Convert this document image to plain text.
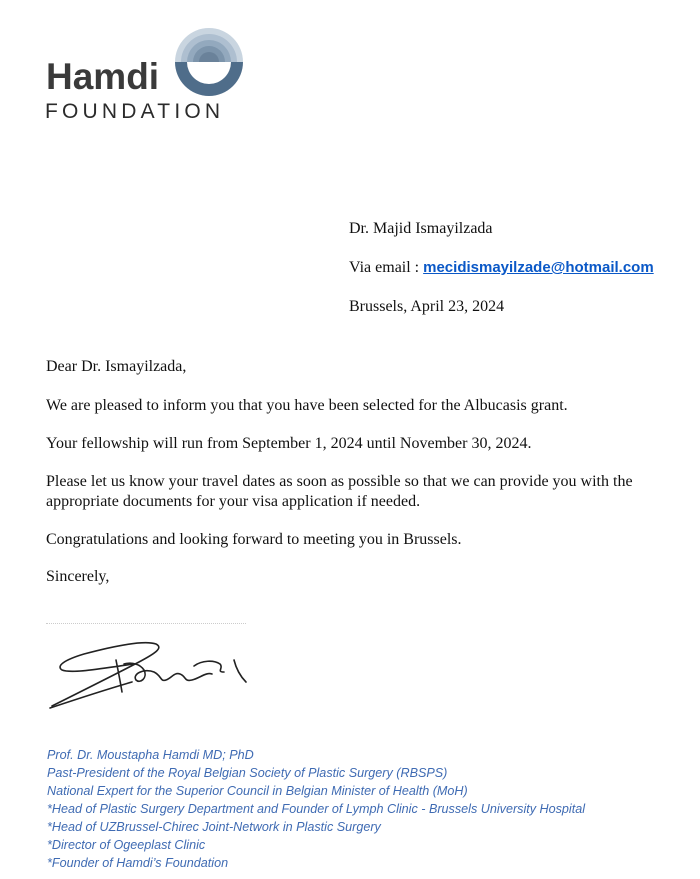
Hamdi
FOUNDATION
Dr. Majid Ismayilzada
Via email : mecidismayilzade@hotmail.com
Brussels, April 23, 2024
Dear Dr. Ismayilzada,
We are pleased to inform you that you have been selected for the Albucasis grant.
Your fellowship will run from September 1, 2024 until November 30, 2024.
Please let us know your travel dates as soon as possible so that we can provide you with the appropriate documents for your visa application if needed.
Congratulations and looking forward to meeting you in Brussels.
Sincerely,
Prof. Dr. Moustapha Hamdi MD; PhD
Past-President of the Royal Belgian Society of Plastic Surgery (RBSPS)
National Expert for the Superior Council in Belgian Minister of Health (MoH)
*Head of Plastic Surgery Department and Founder of Lymph Clinic - Brussels University Hospital
*Head of UZBrussel-Chirec Joint-Network in Plastic Surgery
*Director of Ogeeplast Clinic
*Founder of Hamdi’s Foundation
